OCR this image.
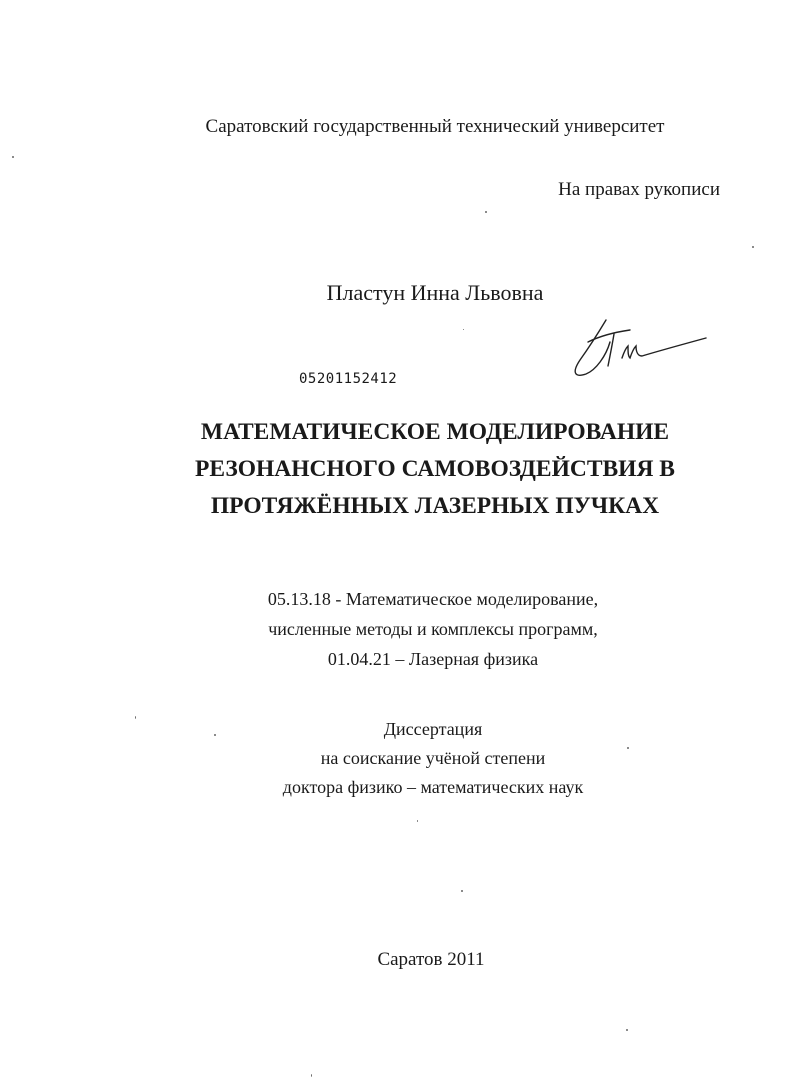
Саратовский государственный технический университет
На правах рукописи
Пластун Инна Львовна
05201152412
МАТЕМАТИЧЕСКОЕ МОДЕЛИРОВАНИЕ
РЕЗОНАНСНОГО САМОВОЗДЕЙСТВИЯ В
ПРОТЯЖЁННЫХ ЛАЗЕРНЫХ ПУЧКАХ
05.13.18 - Математическое моделирование,
численные методы и комплексы программ,
01.04.21 – Лазерная физика
Диссертация
на соискание учёной степени
доктора физико – математических наук
Саратов 2011
